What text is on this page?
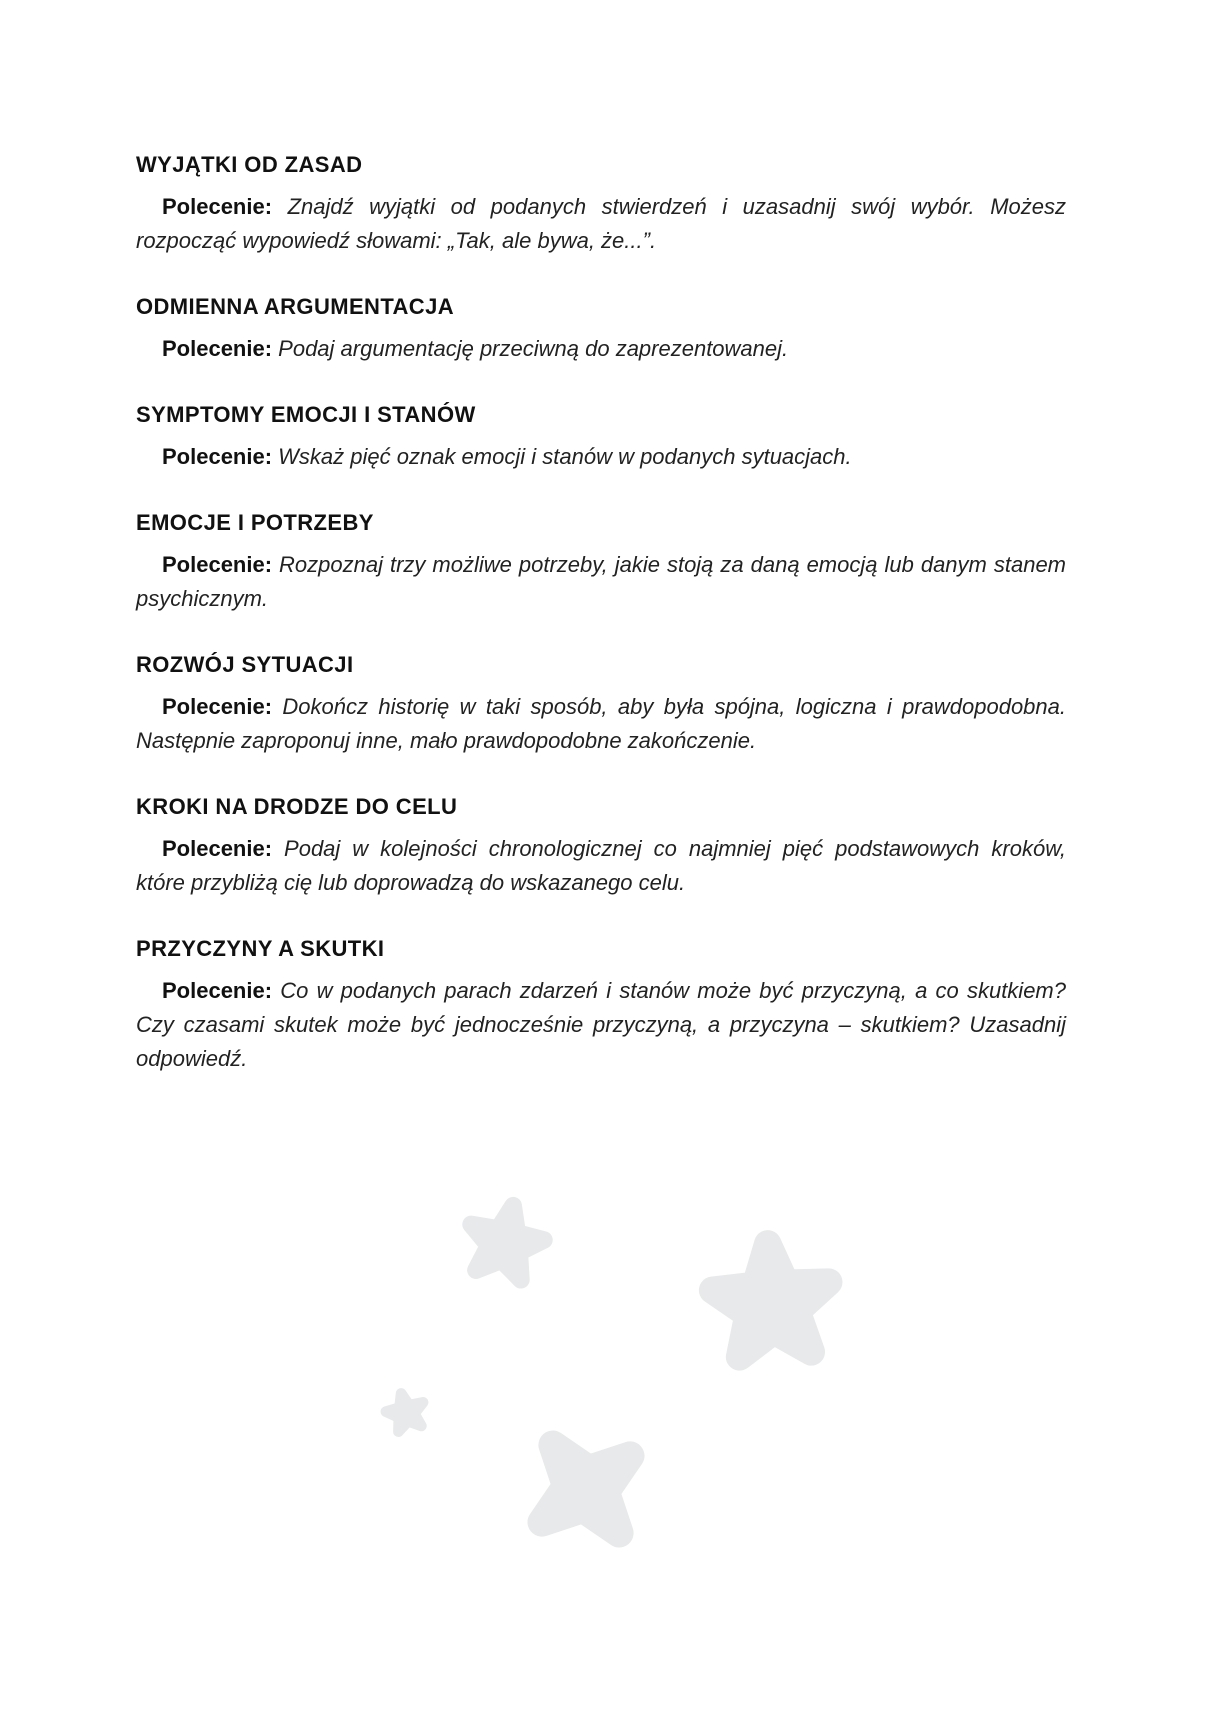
WYJĄTKI OD ZASAD

Polecenie: Znajdź wyjątki od podanych stwierdzeń i uzasadnij swój wybór. Możesz rozpocząć wypowiedź słowami: „Tak, ale bywa, że...”.

ODMIENNA ARGUMENTACJA

Polecenie: Podaj argumentację przeciwną do zaprezentowanej.

SYMPTOMY EMOCJI I STANÓW

Polecenie: Wskaż pięć oznak emocji i stanów w podanych sytuacjach.

EMOCJE I POTRZEBY

Polecenie: Rozpoznaj trzy możliwe potrzeby, jakie stoją za daną emocją lub danym stanem psychicznym.

ROZWÓJ SYTUACJI

Polecenie: Dokończ historię w taki sposób, aby była spójna, logiczna i prawdopodobna. Następnie zaproponuj inne, mało prawdopodobne zakończenie.

KROKI NA DRODZE DO CELU

Polecenie: Podaj w kolejności chronologicznej co najmniej pięć podstawowych kroków, które przybliżą cię lub doprowadzą do wskazanego celu.

PRZYCZYNY A SKUTKI

Polecenie: Co w podanych parach zdarzeń i stanów może być przyczyną, a co skutkiem? Czy czasami skutek może być jednocześnie przyczyną, a przyczyna – skutkiem? Uzasadnij odpowiedź.
